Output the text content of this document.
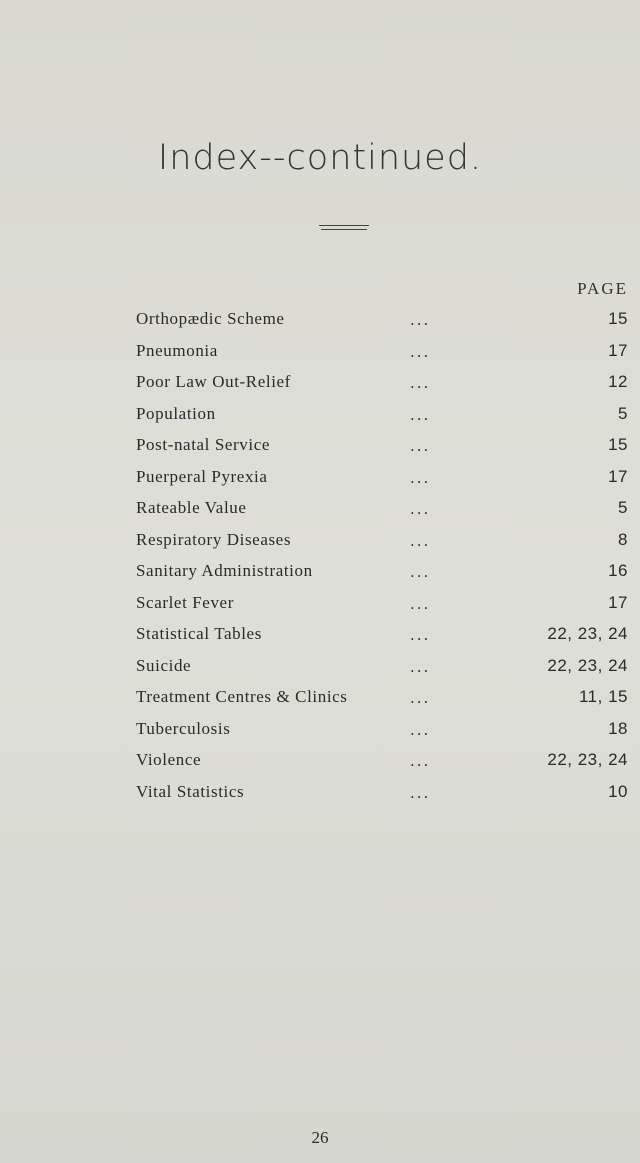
Index--continued.
PAGE
Orthopædic Scheme	...	15
Pneumonia	...	17
Poor Law Out-Relief	...	12
Population	...	5
Post-natal Service	...	15
Puerperal Pyrexia	...	17
Rateable Value	...	5
Respiratory Diseases	...	8
Sanitary Administration	...	16
Scarlet Fever	...	17
Statistical Tables	...	22, 23, 24
Suicide	...	22, 23, 24
Treatment Centres & Clinics	...	11, 15
Tuberculosis	...	18
Violence	...	22, 23, 24
Vital Statistics	...	10
26
